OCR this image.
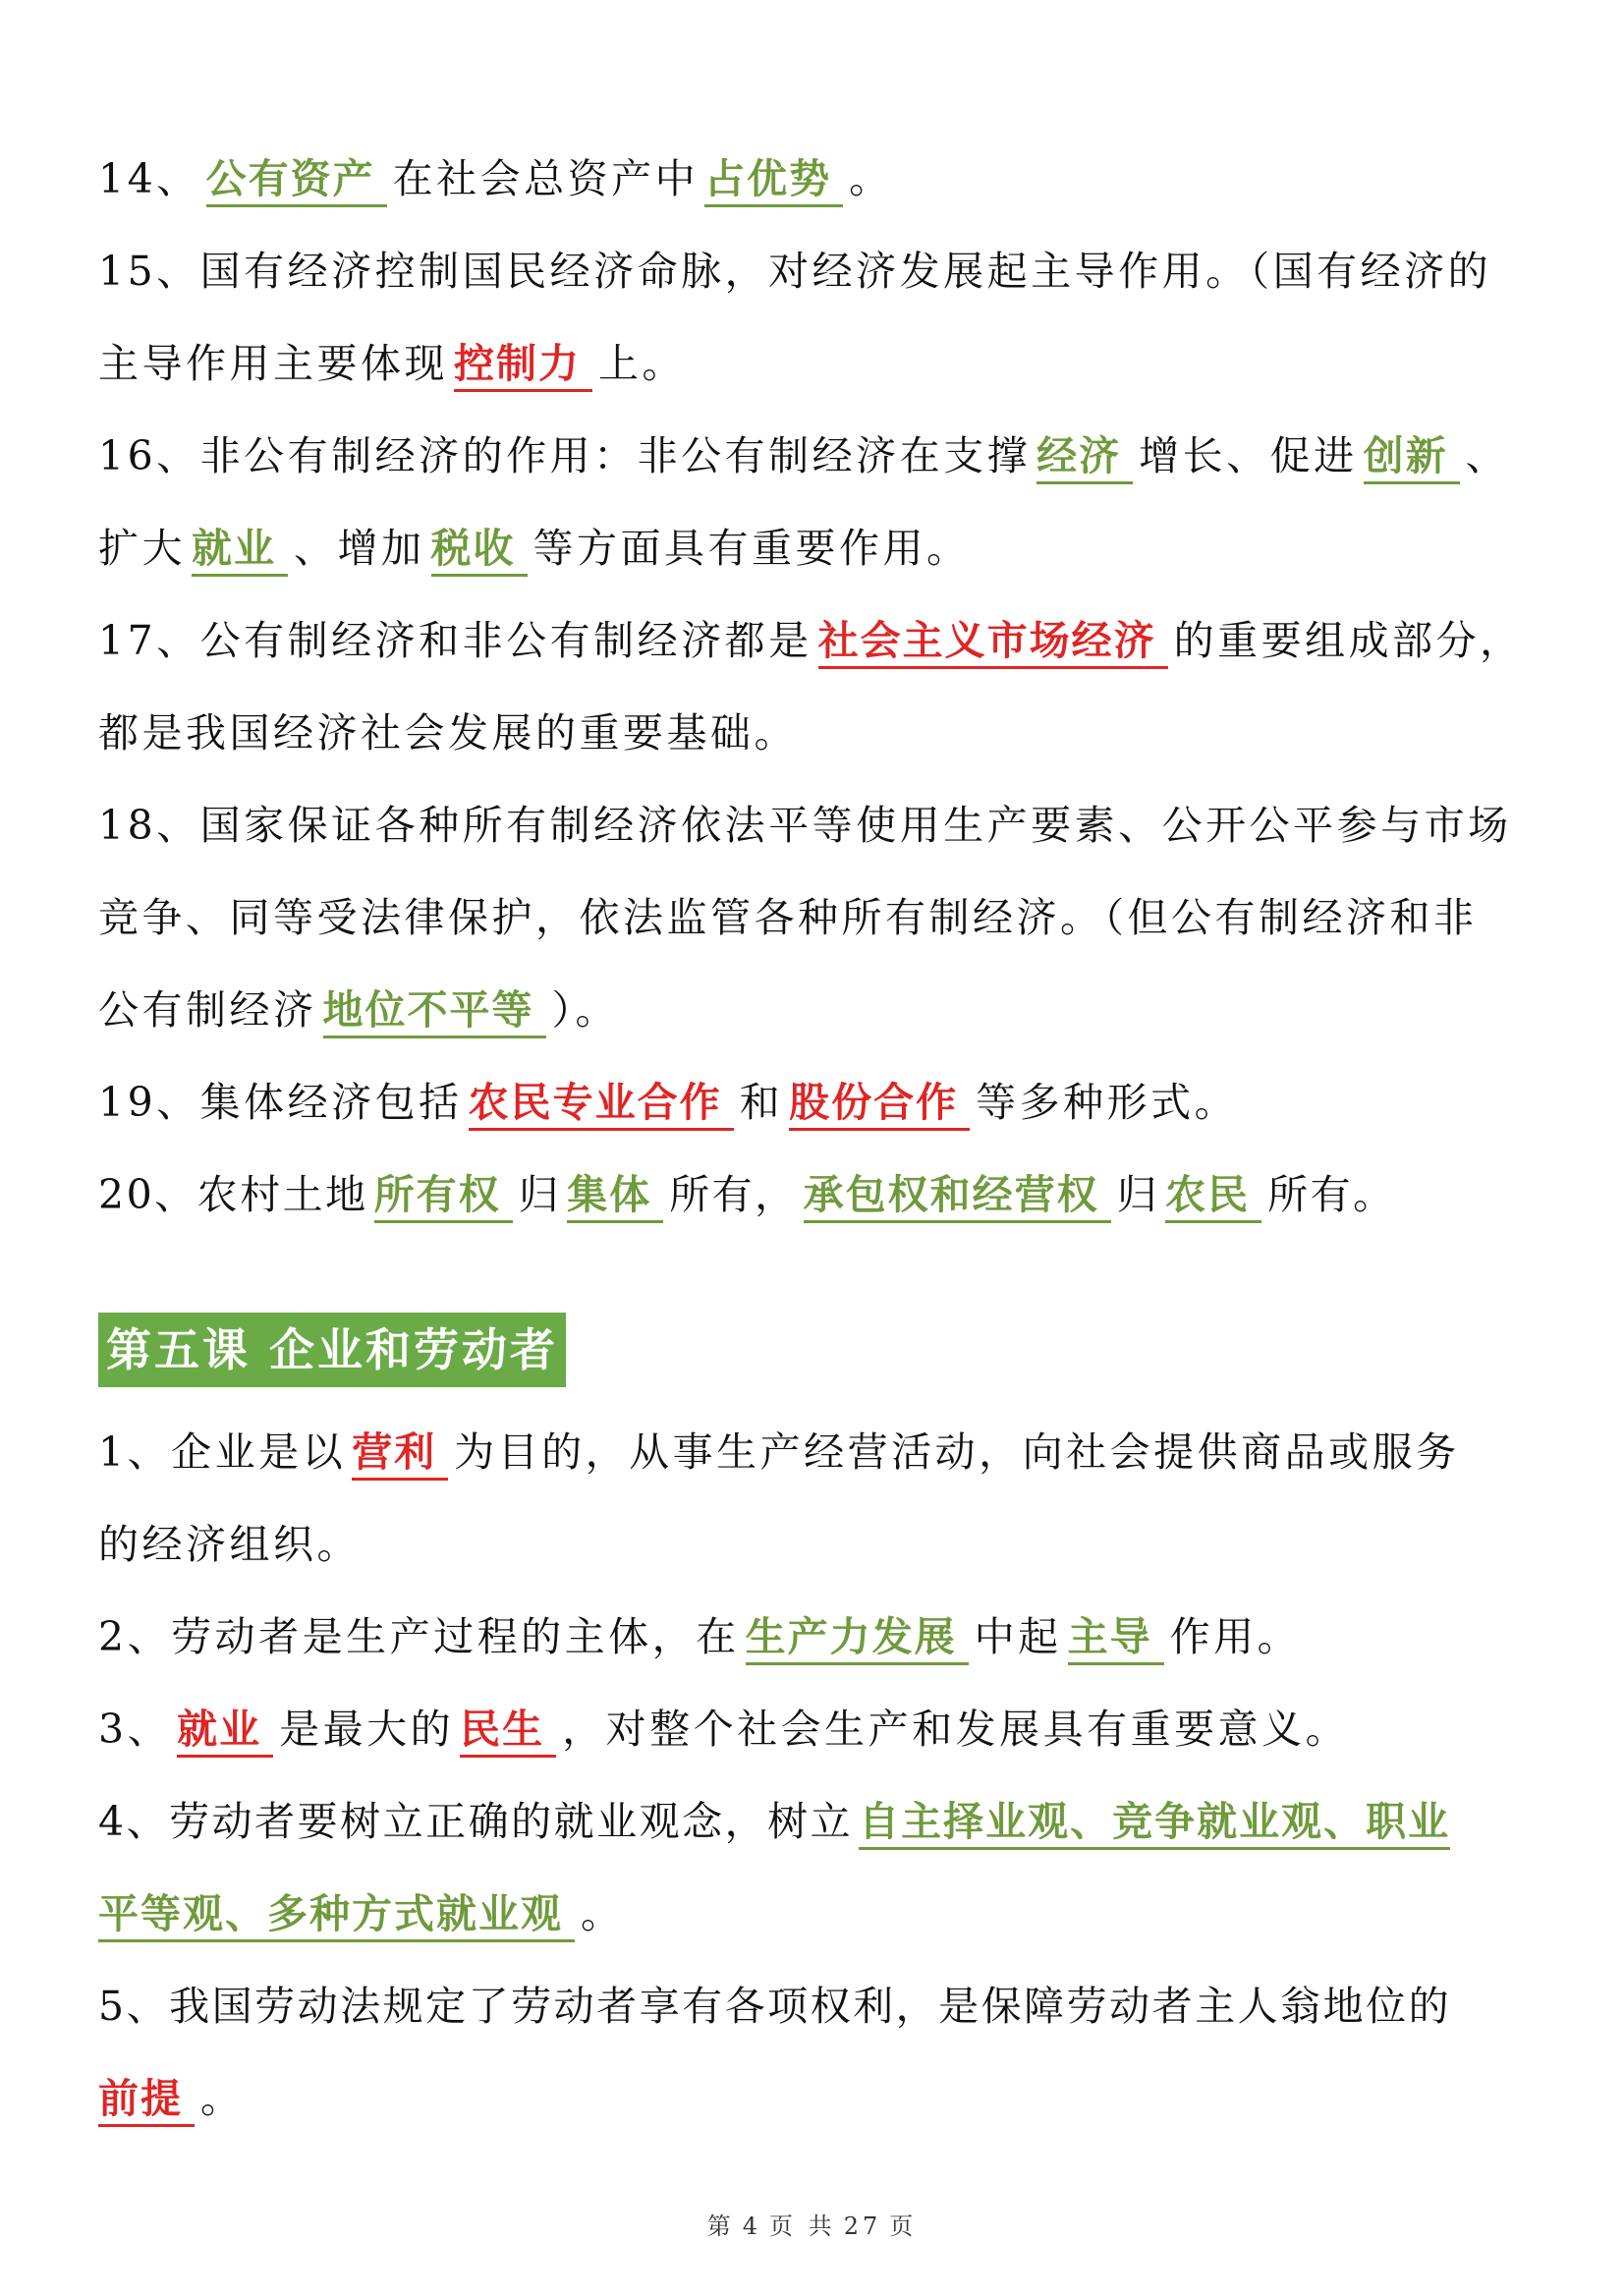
14、 公有资产 在社会总资产中 占优势 。
15、国有经济控制国民经济命脉，对经济发展起主导作用。（国有经济的
主导作用主要体现 控制力 上。
16、非公有制经济的作用：非公有制经济在支撑 经济 增长、促进 创新 、
扩大 就业 、增加 税收 等方面具有重要作用。
17、公有制经济和非公有制经济都是 社会主义市场经济 的重要组成部分，
都是我国经济社会发展的重要基础。
18、国家保证各种所有制经济依法平等使用生产要素、公开公平参与市场
竞争、同等受法律保护，依法监管各种所有制经济。（但公有制经济和非
公有制经济 地位不平等 ）。
19、集体经济包括 农民专业合作 和 股份合作 等多种形式。
20、农村土地 所有权 归 集体 所有， 承包权和经营权 归 农民 所有。
第五课 企业和劳动者
1、企业是以 营利 为目的，从事生产经营活动，向社会提供商品或服务
的经济组织。
2、劳动者是生产过程的主体，在 生产力发展 中起 主导 作用。
3、 就业 是最大的 民生 ，对整个社会生产和发展具有重要意义。
4、劳动者要树立正确的就业观念，树立 自主择业观、竞争就业观、职业
平等观、多种方式就业观 。
5、我国劳动法规定了劳动者享有各项权利，是保障劳动者主人翁地位的
前提 。
第 4 页 共 27 页
